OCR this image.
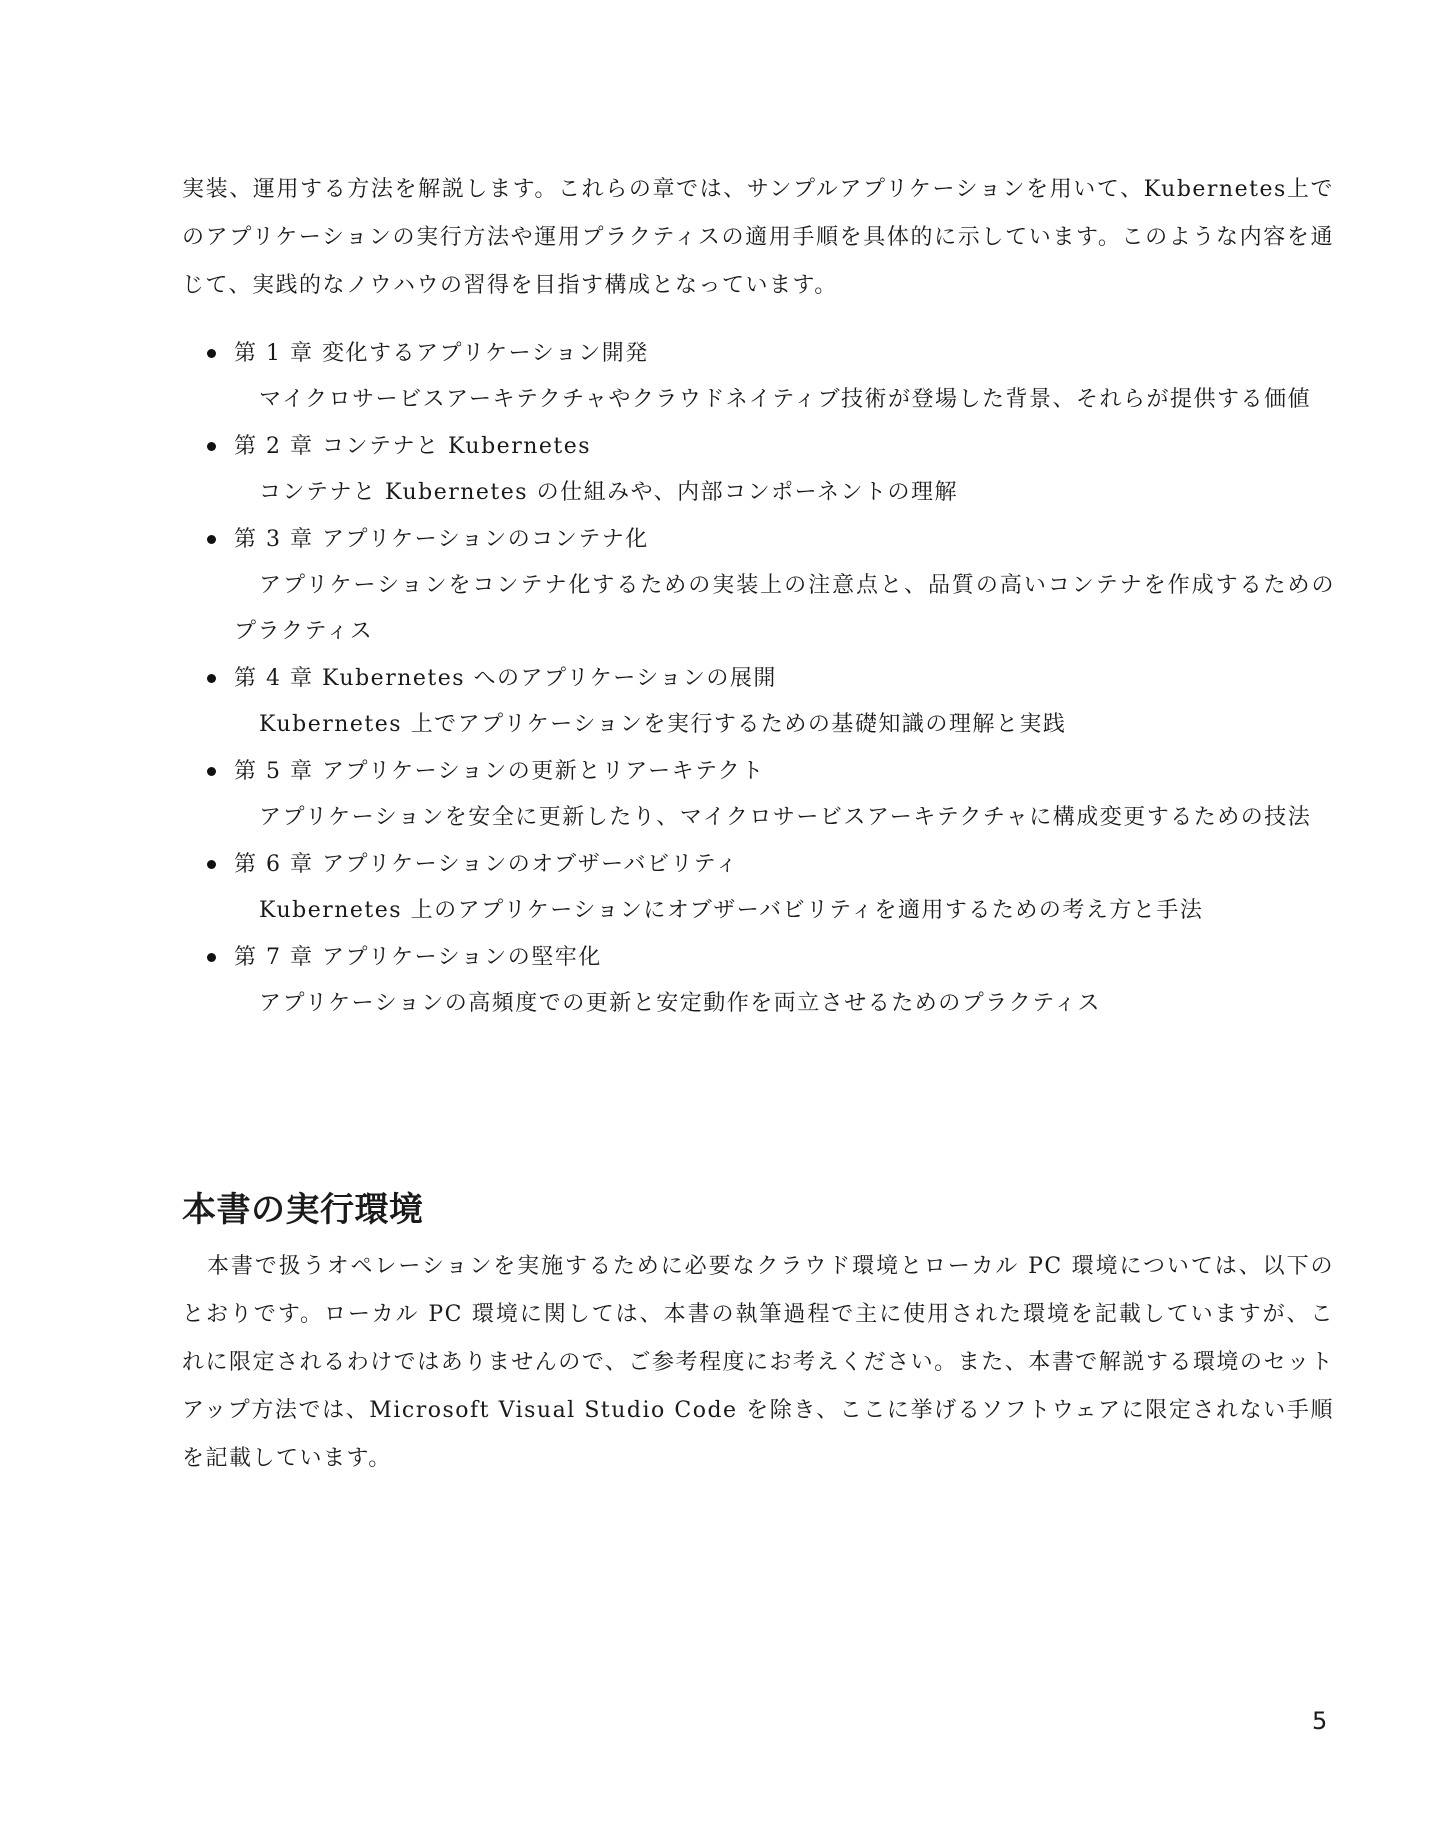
実装、運用する方法を解説します。これらの章では、サンプルアプリケーションを用いて、Kubernetes上でのアプリケーションの実行方法や運用プラクティスの適用手順を具体的に示しています。このような内容を通じて、実践的なノウハウの習得を目指す構成となっています。

第 1 章 変化するアプリケーション開発
マイクロサービスアーキテクチャやクラウドネイティブ技術が登場した背景、それらが提供する価値
第 2 章 コンテナと Kubernetes
コンテナと Kubernetes の仕組みや、内部コンポーネントの理解
第 3 章 アプリケーションのコンテナ化
アプリケーションをコンテナ化するための実装上の注意点と、品質の高いコンテナを作成するためのプラクティス
第 4 章 Kubernetes へのアプリケーションの展開
Kubernetes 上でアプリケーションを実行するための基礎知識の理解と実践
第 5 章 アプリケーションの更新とリアーキテクト
アプリケーションを安全に更新したり、マイクロサービスアーキテクチャに構成変更するための技法
第 6 章 アプリケーションのオブザーバビリティ
Kubernetes 上のアプリケーションにオブザーバビリティを適用するための考え方と手法
第 7 章 アプリケーションの堅牢化
アプリケーションの高頻度での更新と安定動作を両立させるためのプラクティス
本書の実行環境

本書で扱うオペレーションを実施するために必要なクラウド環境とローカル PC 環境については、以下のとおりです。ローカル PC 環境に関しては、本書の執筆過程で主に使用された環境を記載していますが、これに限定されるわけではありませんので、ご参考程度にお考えください。また、本書で解説する環境のセットアップ方法では、Microsoft Visual Studio Code を除き、ここに挙げるソフトウェアに限定されない手順を記載しています。

5
